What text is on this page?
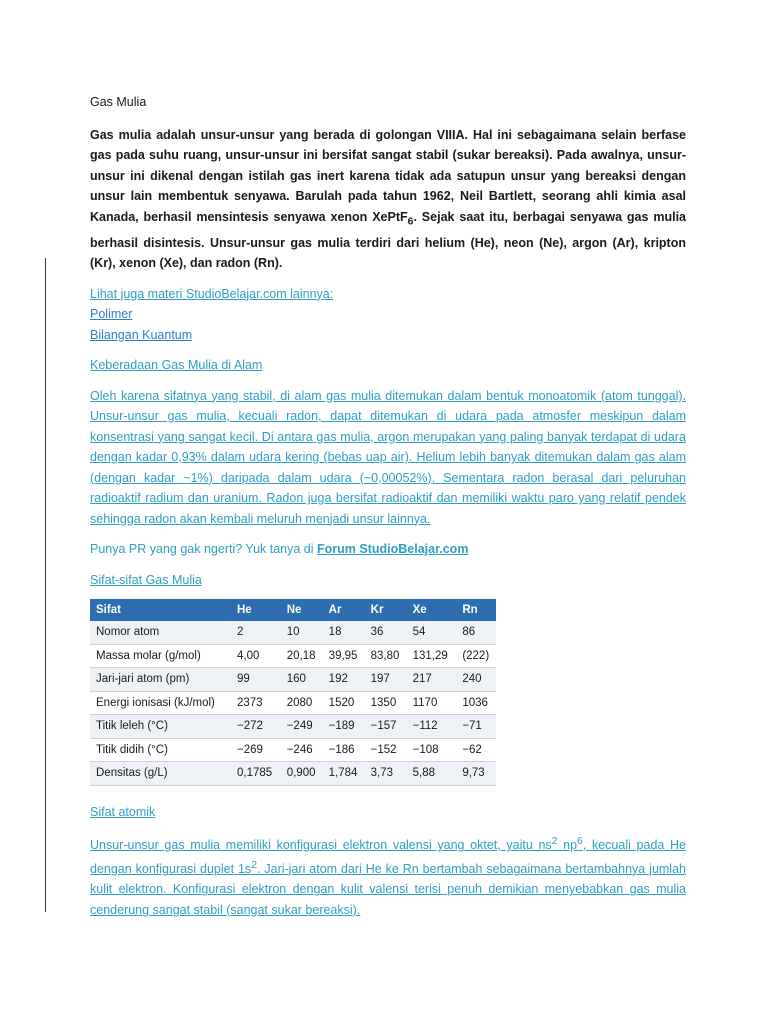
Gas Mulia

Gas mulia adalah unsur-unsur yang berada di golongan VIIIA. Hal ini sebagaimana selain berfase gas pada suhu ruang, unsur-unsur ini bersifat sangat stabil (sukar bereaksi). Pada awalnya, unsur-unsur ini dikenal dengan istilah gas inert karena tidak ada satupun unsur yang bereaksi dengan unsur lain membentuk senyawa. Barulah pada tahun 1962, Neil Bartlett, seorang ahli kimia asal Kanada, berhasil mensintesis senyawa xenon XePtF$_6$. Sejak saat itu, berbagai senyawa gas mulia berhasil disintesis. Unsur-unsur gas mulia terdiri dari helium (He), neon (Ne), argon (Ar), kripton (Kr), xenon (Xe), dan radon (Rn).

Lihat juga materi StudioBelajar.com lainnya:
Polimer
Bilangan Kuantum

Keberadaan Gas Mulia di Alam

Oleh karena sifatnya yang stabil, di alam gas mulia ditemukan dalam bentuk monoatomik (atom tunggal). Unsur-unsur gas mulia, kecuali radon, dapat ditemukan di udara pada atmosfer meskipun dalam konsentrasi yang sangat kecil. Di antara gas mulia, argon merupakan yang paling banyak terdapat di udara dengan kadar 0,93% dalam udara kering (bebas uap air). Helium lebih banyak ditemukan dalam gas alam (dengan kadar ~1%) daripada dalam udara (~0,00052%). Sementara radon berasal dari peluruhan radioaktif radium dan uranium. Radon juga bersifat radioaktif dan memiliki waktu paro yang relatif pendek sehingga radon akan kembali meluruh menjadi unsur lainnya.

Punya PR yang gak ngerti? Yuk tanya di Forum StudioBelajar.com

Sifat-sifat Gas Mulia

Sifat	He	Ne	Ar	Kr	Xe	Rn
Nomor atom	2	10	18	36	54	86
Massa molar (g/mol)	4,00	20,18	39,95	83,80	131,29	(222)
Jari-jari atom (pm)	99	160	192	197	217	240
Energi ionisasi (kJ/mol)	2373	2080	1520	1350	1170	1036
Titik leleh (°C)	−272	−249	−189	−157	−112	−71
Titik didih (°C)	−269	−246	−186	−152	−108	−62
Densitas (g/L)	0,1785	0,900	1,784	3,73	5,88	9,73

Sifat atomik

Unsur-unsur gas mulia memiliki konfigurasi elektron valensi yang oktet, yaitu $ns^2$ $np^6$, kecuali pada He dengan konfigurasi duplet $1s^2$. Jari-jari atom dari He ke Rn bertambah sebagaimana bertambahnya jumlah kulit elektron. Konfigurasi elektron dengan kulit valensi terisi penuh demikian menyebabkan gas mulia cenderung sangat stabil (sangat sukar bereaksi).
